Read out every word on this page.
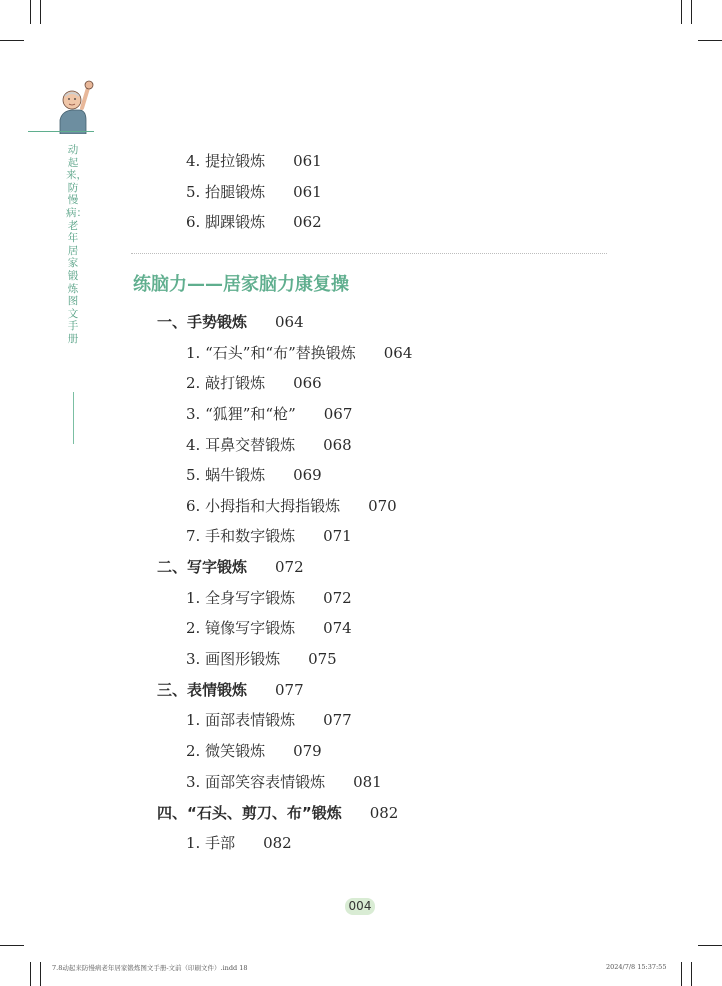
动起来，防慢病：老年居家锻炼图文手册
4. 提拉锻炼 061
5. 抬腿锻炼 061
6. 脚踝锻炼 062
练脑力——居家脑力康复操
一、手势锻炼 064
1. “石头”和“布”替换锻炼 064
2. 敲打锻炼 066
3. “狐狸”和“枪” 067
4. 耳鼻交替锻炼 068
5. 蜗牛锻炼 069
6. 小拇指和大拇指锻炼 070
7. 手和数字锻炼 071
二、写字锻炼 072
1. 全身写字锻炼 072
2. 镜像写字锻炼 074
3. 画图形锻炼 075
三、表情锻炼 077
1. 面部表情锻炼 077
2. 微笑锻炼 079
3. 面部笑容表情锻炼 081
四、“石头、剪刀、布”锻炼 082
1. 手部 082
004
7.8动起来防慢病老年居家锻炼图文手册-文前（印刷文件）.indd 18	2024/7/8 15:37:55
